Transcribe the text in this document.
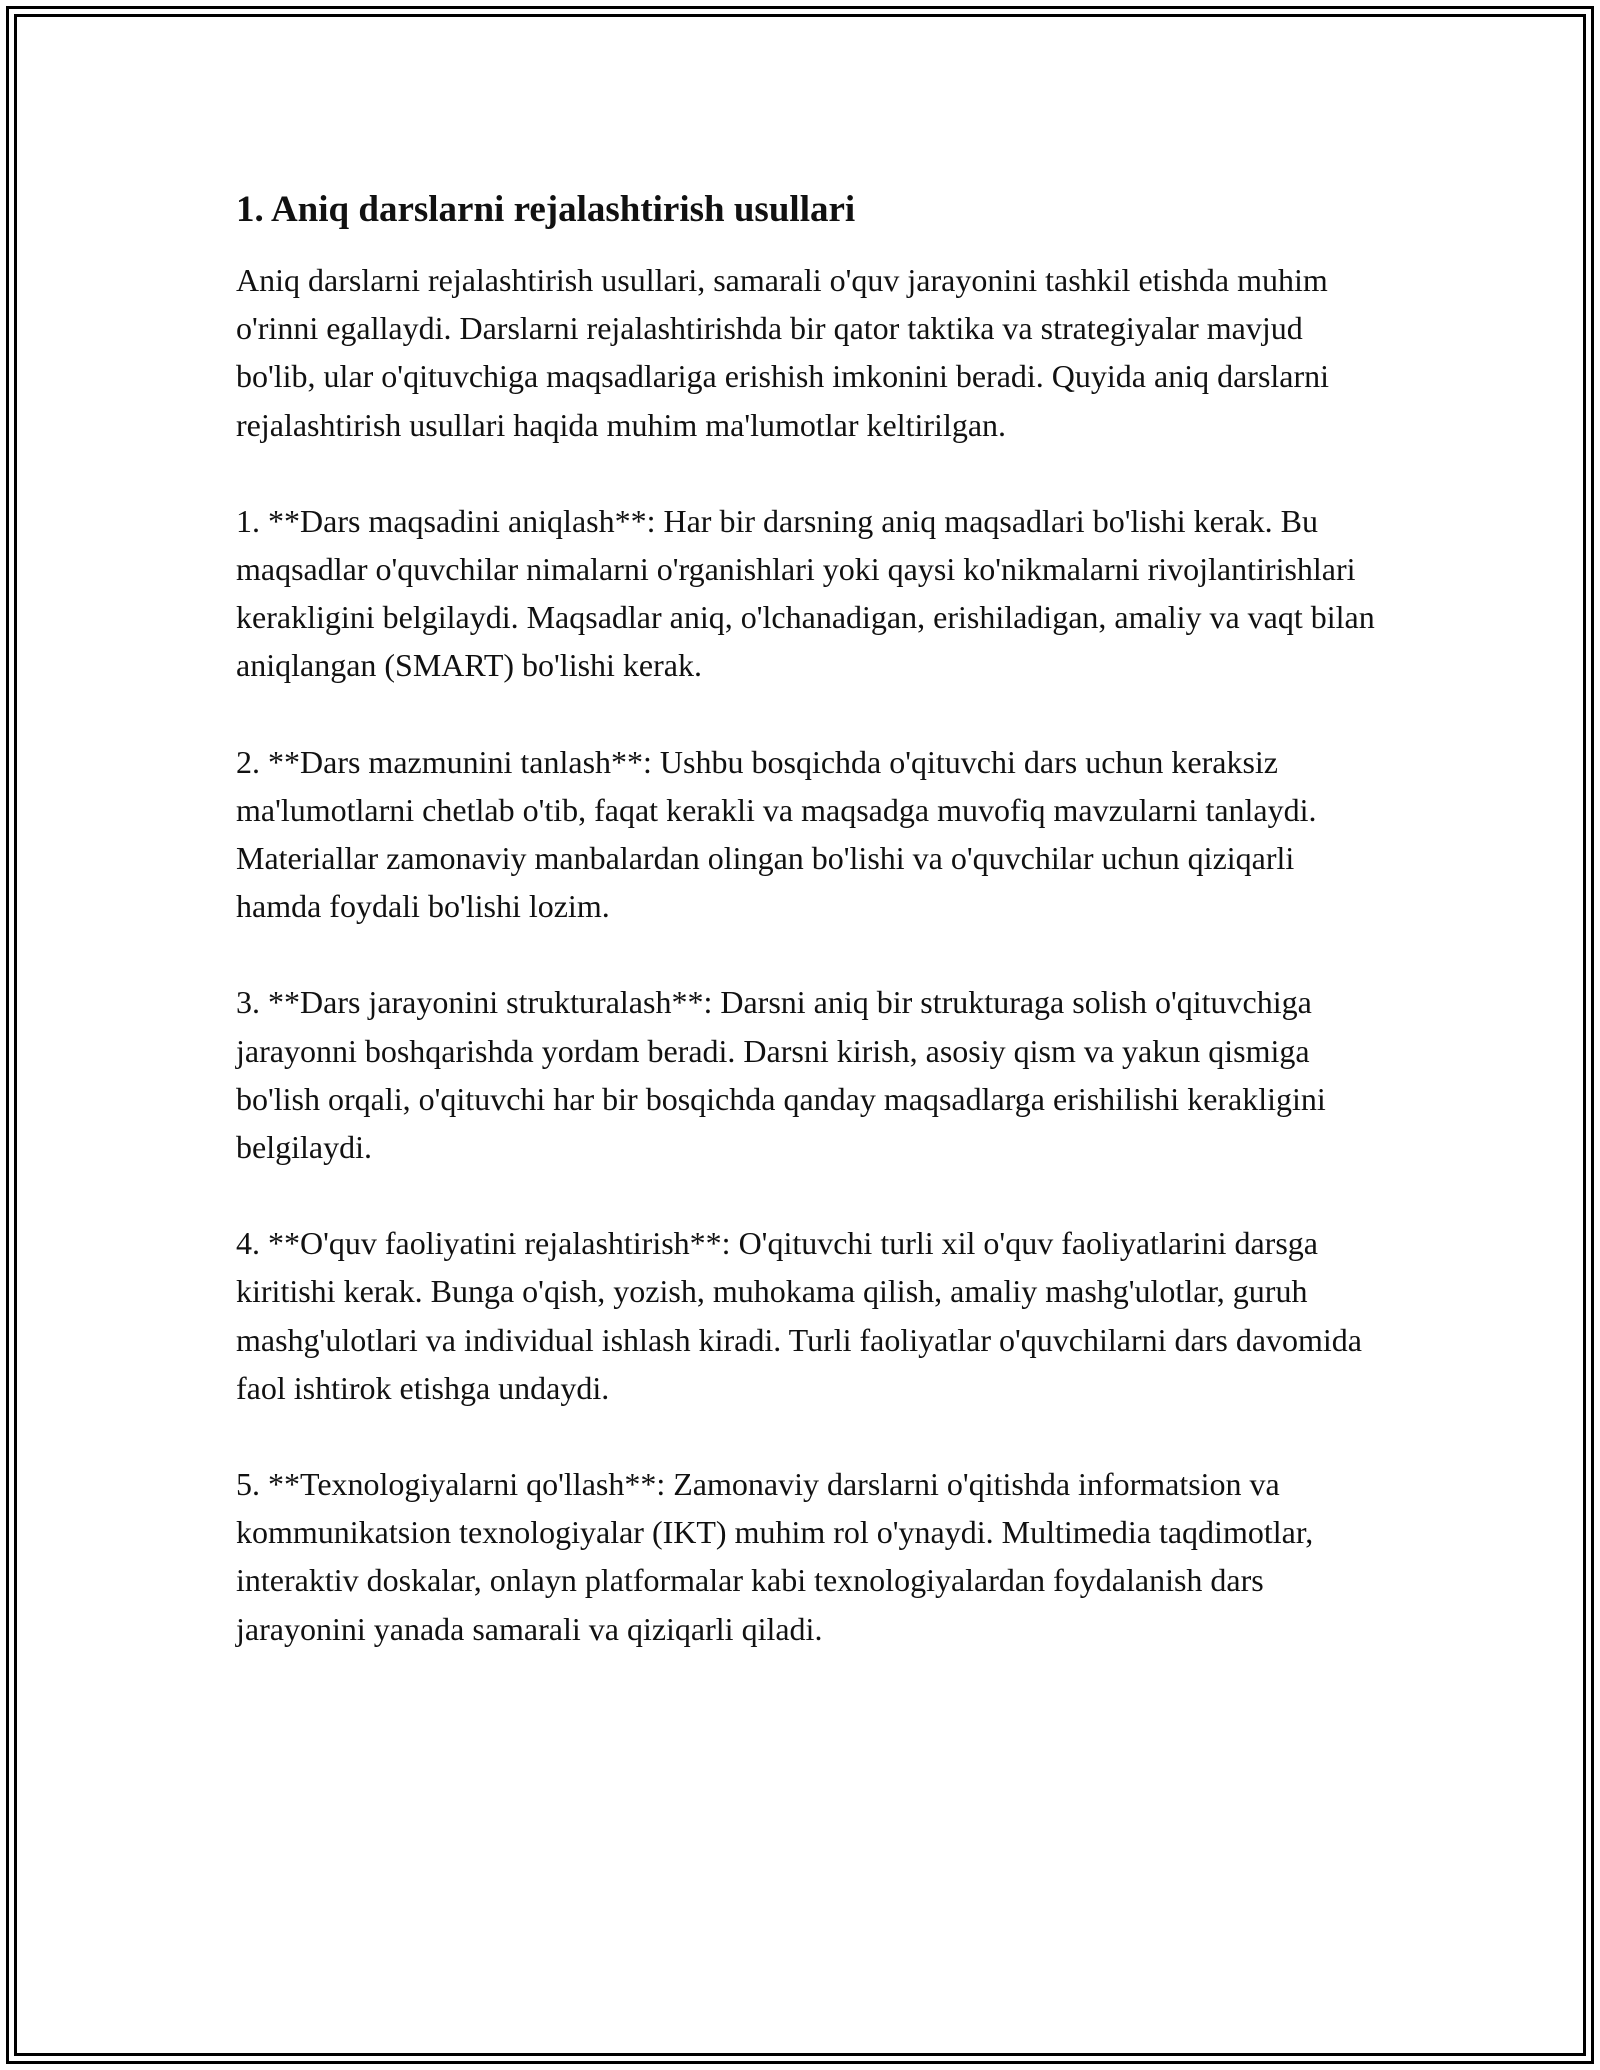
1. Aniq darslarni rejalashtirish usullari

Aniq darslarni rejalashtirish usullari, samarali o'quv jarayonini tashkil etishda muhim o'rinni egallaydi. Darslarni rejalashtirishda bir qator taktika va strategiyalar mavjud bo'lib, ular o'qituvchiga maqsadlariga erishish imkonini beradi. Quyida aniq darslarni rejalashtirish usullari haqida muhim ma'lumotlar keltirilgan.

1. **Dars maqsadini aniqlash**: Har bir darsning aniq maqsadlari bo'lishi kerak. Bu maqsadlar o'quvchilar nimalarni o'rganishlari yoki qaysi ko'nikmalarni rivojlantirishlari kerakligini belgilaydi. Maqsadlar aniq, o'lchanadigan, erishiladigan, amaliy va vaqt bilan aniqlangan (SMART) bo'lishi kerak.

2. **Dars mazmunini tanlash**: Ushbu bosqichda o'qituvchi dars uchun keraksiz ma'lumotlarni chetlab o'tib, faqat kerakli va maqsadga muvofiq mavzularni tanlaydi. Materiallar zamonaviy manbalardan olingan bo'lishi va o'quvchilar uchun qiziqarli hamda foydali bo'lishi lozim.

3. **Dars jarayonini strukturalash**: Darsni aniq bir strukturaga solish o'qituvchiga jarayonni boshqarishda yordam beradi. Darsni kirish, asosiy qism va yakun qismiga bo'lish orqali, o'qituvchi har bir bosqichda qanday maqsadlarga erishilishi kerakligini belgilaydi.

4. **O'quv faoliyatini rejalashtirish**: O'qituvchi turli xil o'quv faoliyatlarini darsga kiritishi kerak. Bunga o'qish, yozish, muhokama qilish, amaliy mashg'ulotlar, guruh mashg'ulotlari va individual ishlash kiradi. Turli faoliyatlar o'quvchilarni dars davomida faol ishtirok etishga undaydi.

5. **Texnologiyalarni qo'llash**: Zamonaviy darslarni o'qitishda informatsion va kommunikatsion texnologiyalar (IKT) muhim rol o'ynaydi. Multimedia taqdimotlar, interaktiv doskalar, onlayn platformalar kabi texnologiyalardan foydalanish dars jarayonini yanada samarali va qiziqarli qiladi.
